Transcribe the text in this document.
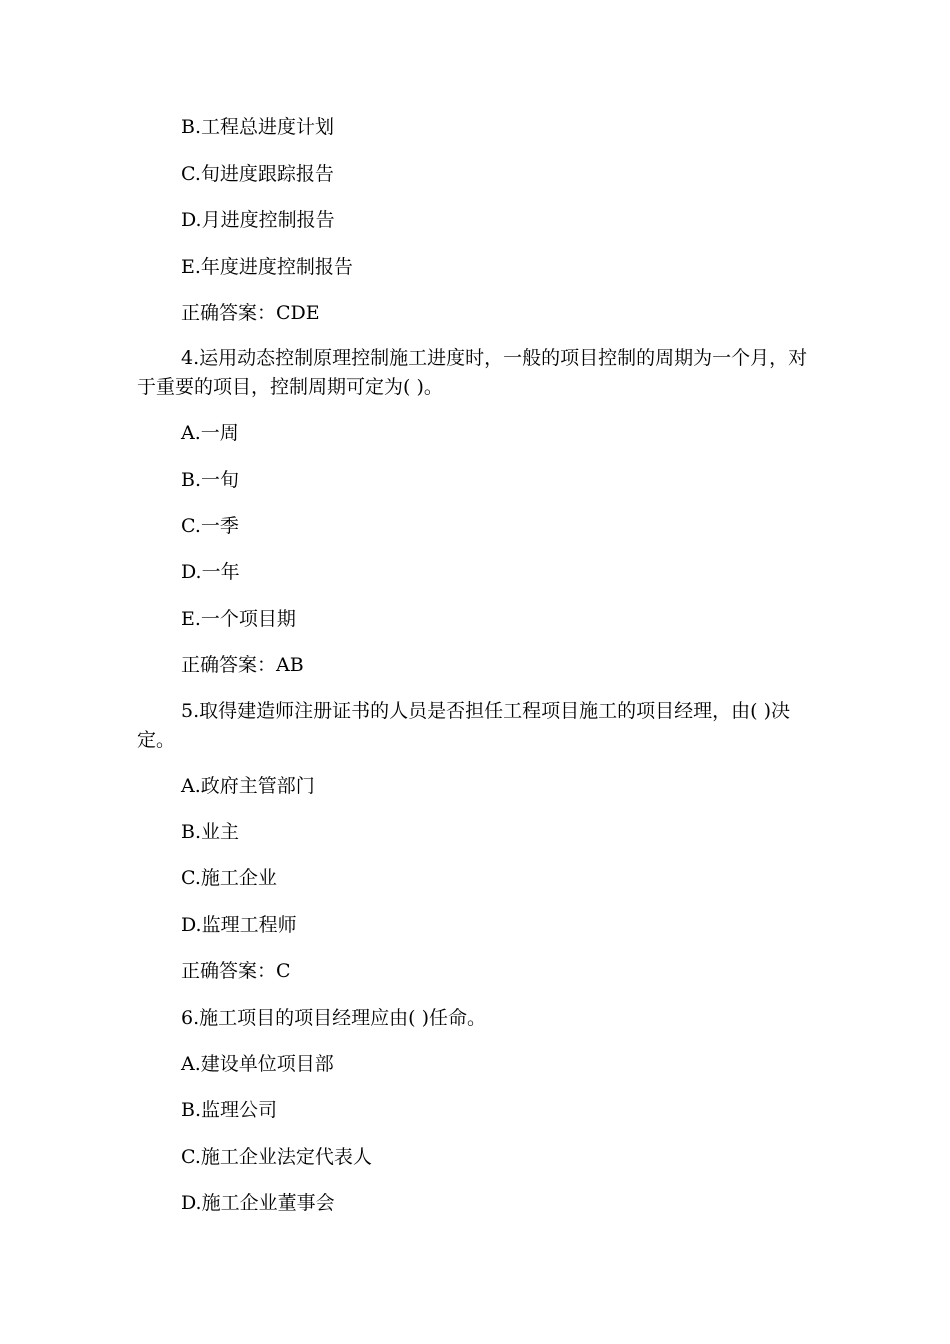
B.工程总进度计划
C.旬进度跟踪报告
D.月进度控制报告
E.年度进度控制报告
正确答案：CDE
4.运用动态控制原理控制施工进度时，一般的项目控制的周期为一个月，对于重要的项目，控制周期可定为( )。
A.一周
B.一旬
C.一季
D.一年
E.一个项目期
正确答案：AB
5.取得建造师注册证书的人员是否担任工程项目施工的项目经理，由( )决定。
A.政府主管部门
B.业主
C.施工企业
D.监理工程师
正确答案：C
6.施工项目的项目经理应由( )任命。
A.建设单位项目部
B.监理公司
C.施工企业法定代表人
D.施工企业董事会
